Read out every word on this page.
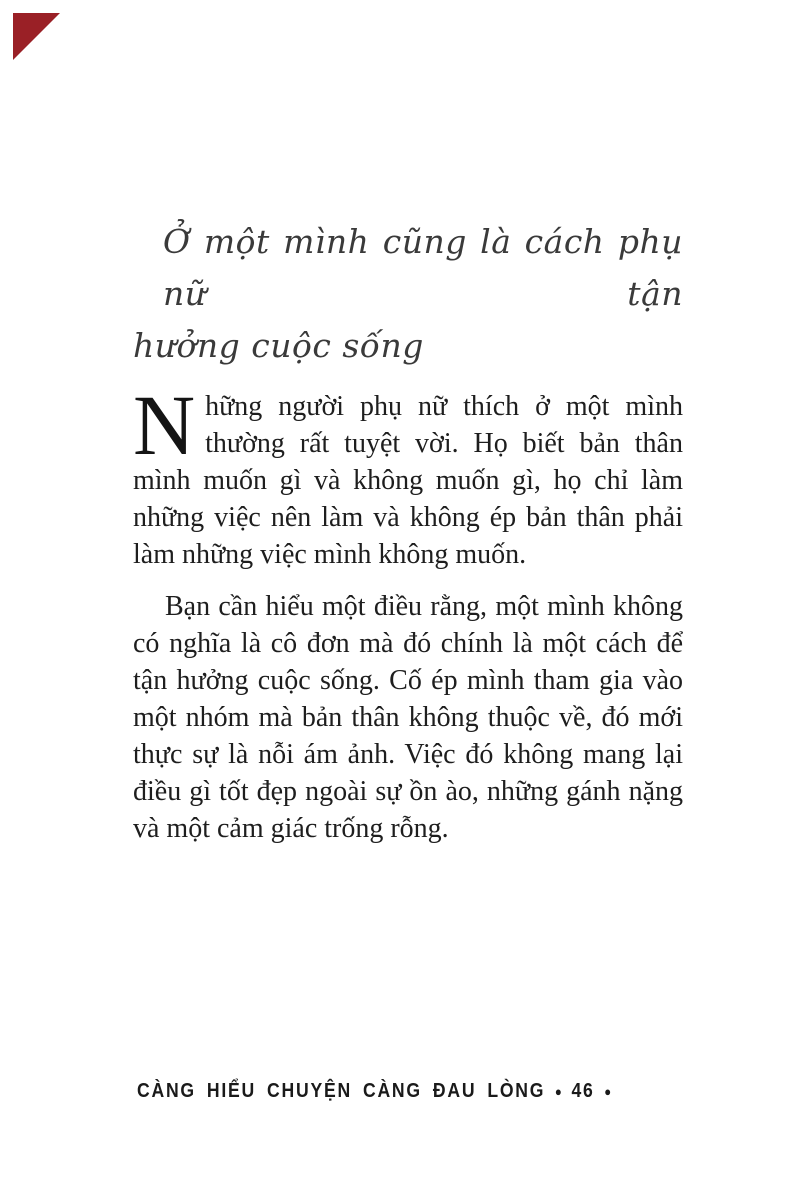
Ở một mình cũng là cách phụ nữ tận
hưởng cuộc sống

Những người phụ nữ thích ở một mình thường rất tuyệt vời. Họ biết bản thân mình muốn gì và không muốn gì, họ chỉ làm những việc nên làm và không ép bản thân phải làm những việc mình không muốn.

Bạn cần hiểu một điều rằng, một mình không có nghĩa là cô đơn mà đó chính là một cách để tận hưởng cuộc sống. Cố ép mình tham gia vào một nhóm mà bản thân không thuộc về, đó mới thực sự là nỗi ám ảnh. Việc đó không mang lại điều gì tốt đẹp ngoài sự ồn ào, những gánh nặng và một cảm giác trống rỗng.

CÀNG HIỂU CHUYỆN CÀNG ĐAU LÒNG ● 46 ●
